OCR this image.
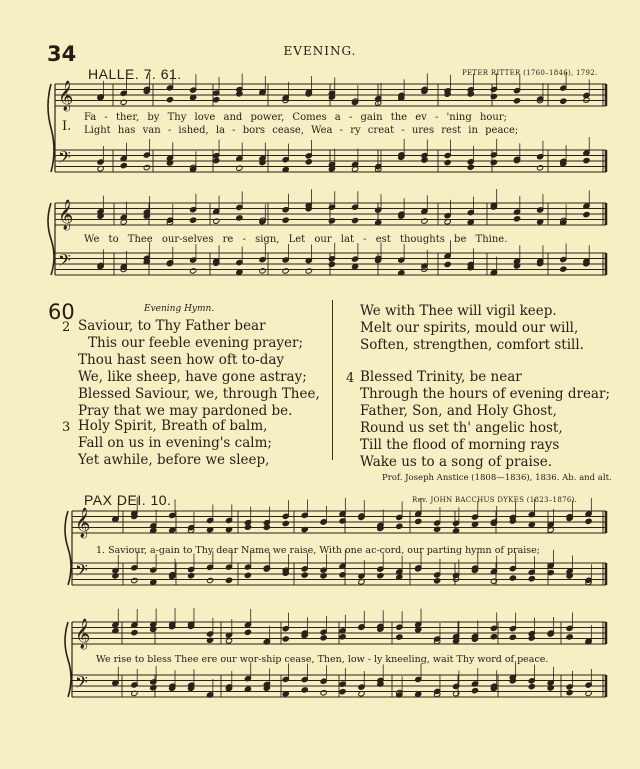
𝄞
𝄢
𝄞
𝄢
𝄞
𝄢
𝄞
𝄢
34	EVENING.
HALLE. 7. 61.	PETER RITTER (1760–1846), 1792.
I.
Fa - ther, by Thy love and power, Comes a - gain the ev - 'ning hour;
Light has van - ished, la - bors cease, Wea - ry creat - ures rest in peace;
We to Thee our-selves re - sign, Let our lat - est thoughts be Thine.
60	Evening Hymn.
2 Saviour, to Thy Father bear
This our feeble evening prayer;
Thou hast seen how oft to-day
We, like sheep, have gone astray;
Blessed Saviour, we, through Thee,
Pray that we may pardoned be.
3 Holy Spirit, Breath of balm,
Fall on us in evening's calm;
Yet awhile, before we sleep,
We with Thee will vigil keep.
Melt our spirits, mould our will,
Soften, strengthen, comfort still.
4 Blessed Trinity, be near
Through the hours of evening drear;
Father, Son, and Holy Ghost,
Round us set th' angelic host,
Till the flood of morning rays
Wake us to a song of praise.
Prof. Joseph Anstice (1808—1836), 1836. Ab. and alt.
PAX DEI. 10.	Rev. JOHN BACCHUS DYKES (1823–1876).
1. Saviour, a-gain to Thy dear Name we raise, With one ac-cord, our parting hymn of praise;
We rise to bless Thee ere our wor-ship cease, Then, low - ly kneeling, wait Thy word of peace.
